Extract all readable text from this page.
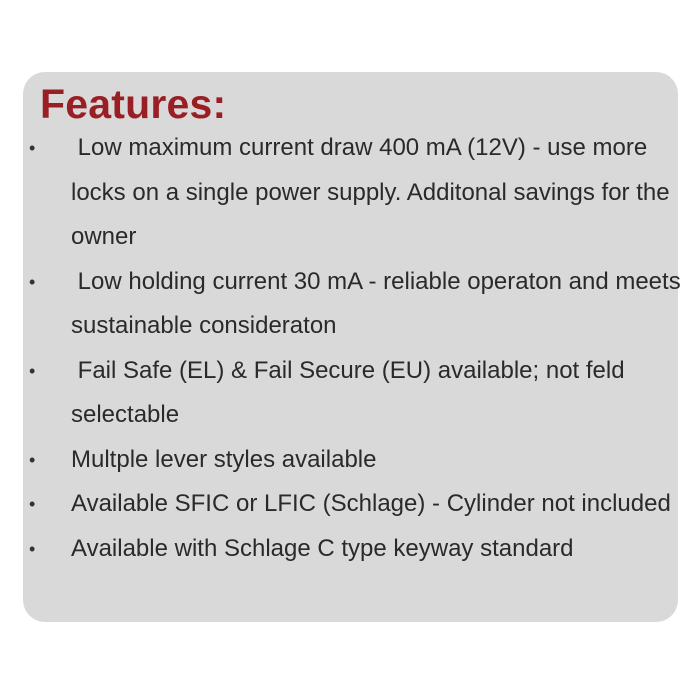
Features:
• Low maximum current draw 400 mA (12V) - use more locks on a single power supply. Additonal savings for the owner
• Low holding current 30 mA - reliable operaton and meets sustainable consideraton
• Fail Safe (EL) & Fail Secure (EU) available; not feld selectable
• Multple lever styles available
• Available SFIC or LFIC (Schlage) - Cylinder not included
• Available with Schlage C type keyway standard
